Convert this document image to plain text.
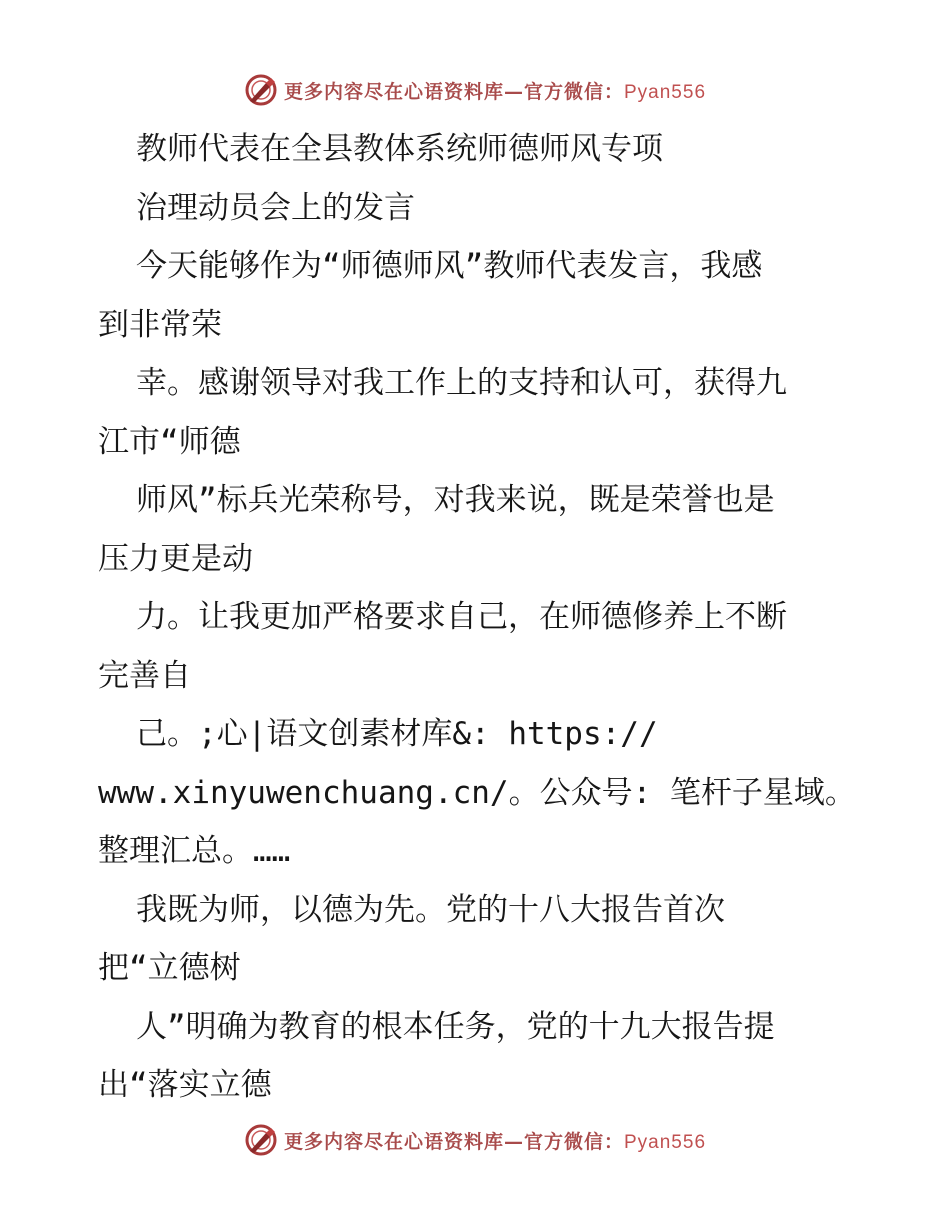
更多内容尽在心语资料库—官方微信：Pyan556
教师代表在全县教体系统师德师风专项
治理动员会上的发言
今天能够作为“师德师风”教师代表发言，我感
到非常荣
幸。感谢领导对我工作上的支持和认可，获得九
江市“师德
师风”标兵光荣称号，对我来说，既是荣誉也是
压力更是动
力。让我更加严格要求自己，在师德修养上不断
完善自
己。;心|语文创素材库&: https://
www.xinyuwenchuang.cn/。公众号: 笔杆子星域。
整理汇总。……
我既为师，以德为先。党的十八大报告首次
把“立德树
人”明确为教育的根本任务，党的十九大报告提
出“落实立德
更多内容尽在心语资料库—官方微信：Pyan556
